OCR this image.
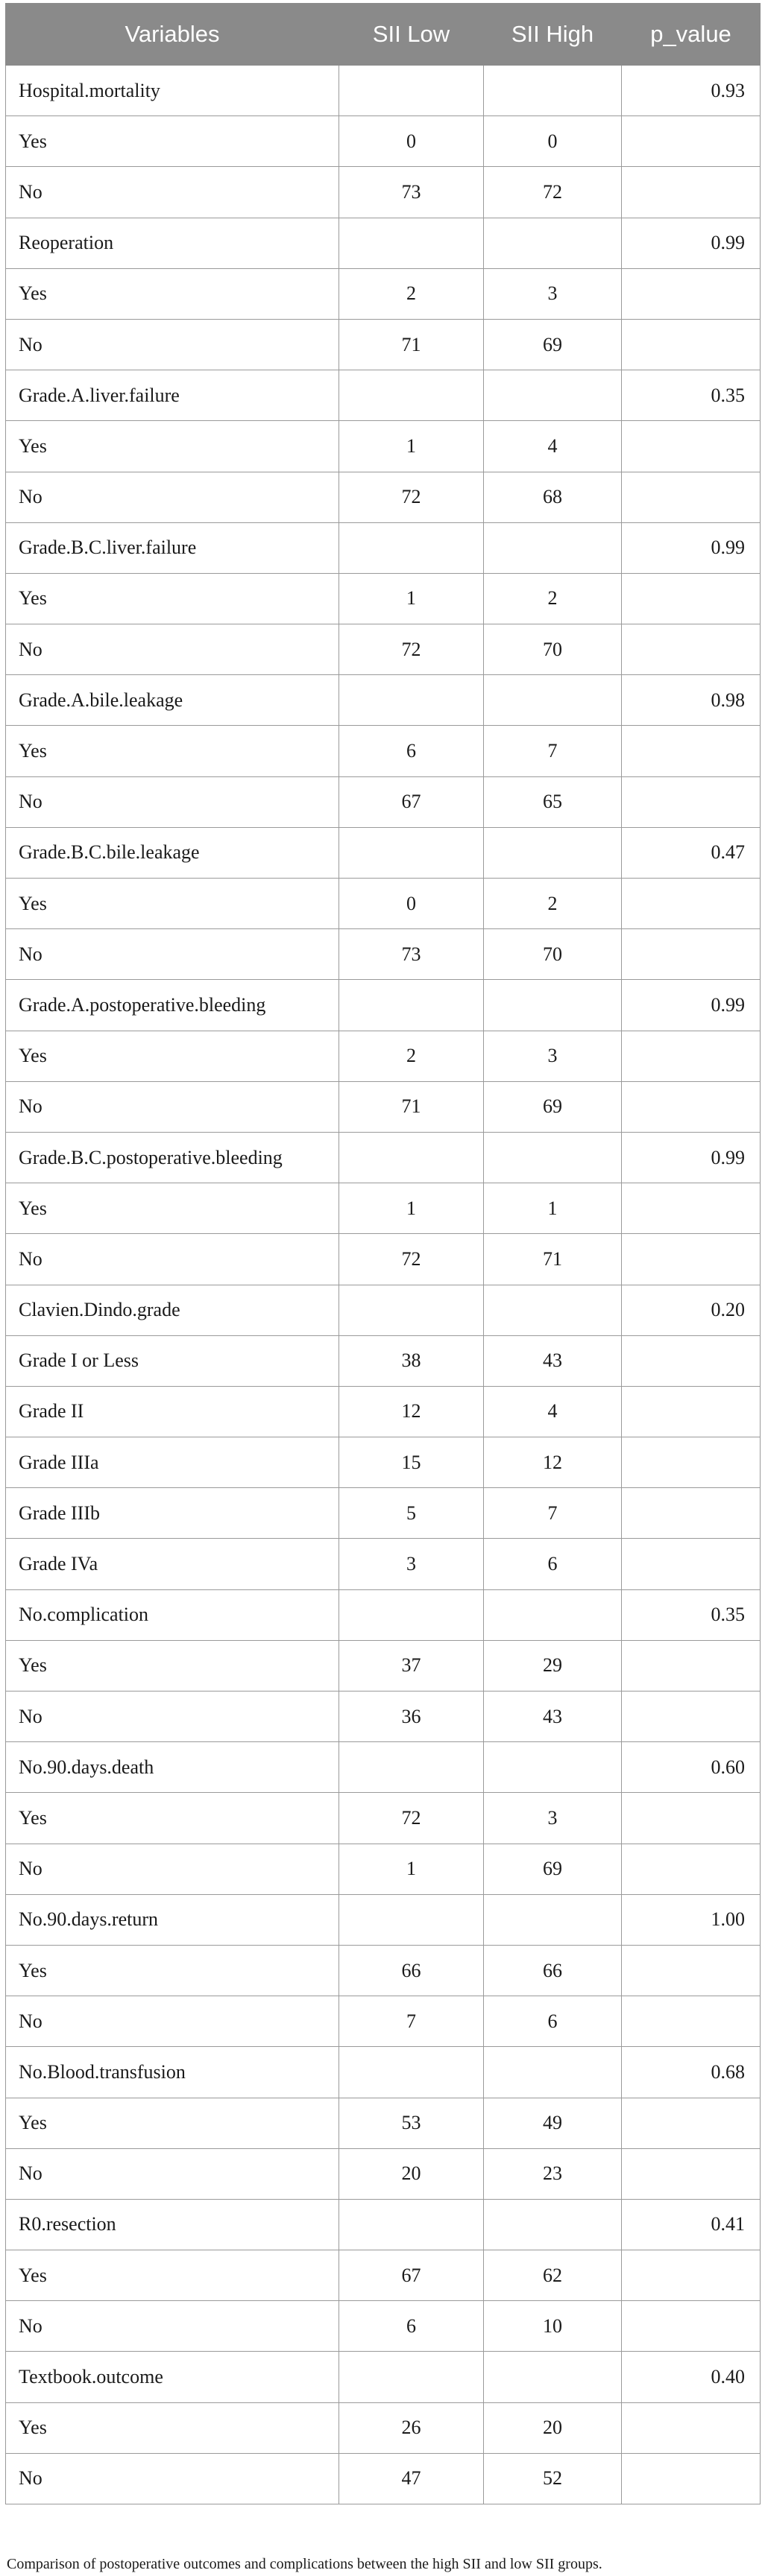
Variables	SII Low	SII High	p_value
Hospital.mortality			0.93
Yes	0	0	
No	73	72	
Reoperation			0.99
Yes	2	3	
No	71	69	
Grade.A.liver.failure			0.35
Yes	1	4	
No	72	68	
Grade.B.C.liver.failure			0.99
Yes	1	2	
No	72	70	
Grade.A.bile.leakage			0.98
Yes	6	7	
No	67	65	
Grade.B.C.bile.leakage			0.47
Yes	0	2	
No	73	70	
Grade.A.postoperative.bleeding			0.99
Yes	2	3	
No	71	69	
Grade.B.C.postoperative.bleeding			0.99
Yes	1	1	
No	72	71	
Clavien.Dindo.grade			0.20
Grade I or Less	38	43	
Grade II	12	4	
Grade IIIa	15	12	
Grade IIIb	5	7	
Grade IVa	3	6	
No.complication			0.35
Yes	37	29	
No	36	43	
No.90.days.death			0.60
Yes	72	3	
No	1	69	
No.90.days.return			1.00
Yes	66	66	
No	7	6	
No.Blood.transfusion			0.68
Yes	53	49	
No	20	23	
R0.resection			0.41
Yes	67	62	
No	6	10	
Textbook.outcome			0.40
Yes	26	20	
No	47	52	

Comparison of postoperative outcomes and complications between the high SII and low SII groups.
